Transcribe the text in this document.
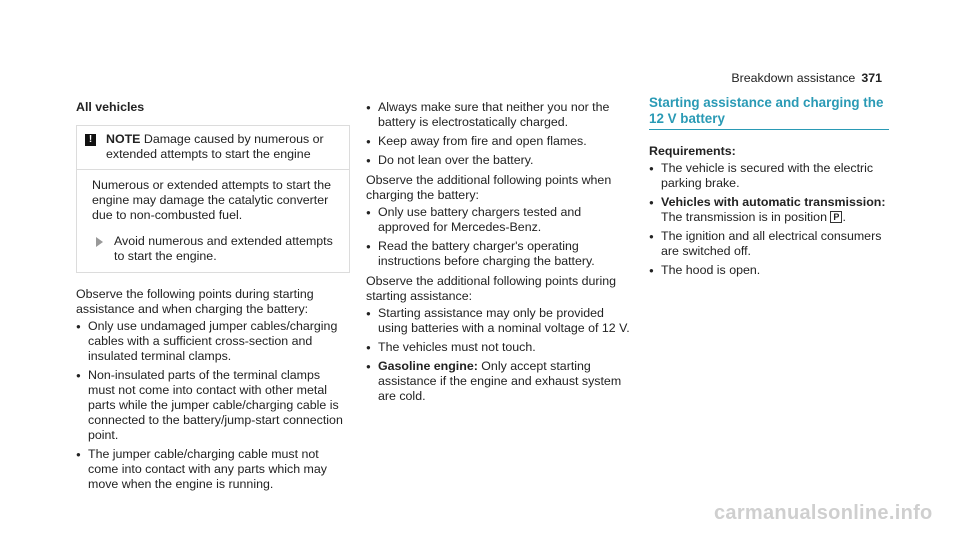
Breakdown assistance 371

All vehicles

!	NOTE Damage caused by numerous or extended attempts to start the engine

Numerous or extended attempts to start the engine may damage the catalytic converter due to non-combusted fuel.

Avoid numerous and extended attempts to start the engine.

Observe the following points during starting assistance and when charging the battery:

● Only use undamaged jumper cables/charging cables with a sufficient cross-section and insulated terminal clamps.
● Non-insulated parts of the terminal clamps must not come into contact with other metal parts while the jumper cable/charging cable is connected to the battery/jump-start connection point.
● The jumper cable/charging cable must not come into contact with any parts which may move when the engine is running.
● Always make sure that neither you nor the battery is electrostatically charged.
● Keep away from fire and open flames.
● Do not lean over the battery.

Observe the additional following points when charging the battery:

● Only use battery chargers tested and approved for Mercedes-Benz.
● Read the battery charger's operating instructions before charging the battery.

Observe the additional following points during starting assistance:

● Starting assistance may only be provided using batteries with a nominal voltage of 12 V.
● The vehicles must not touch.
● Gasoline engine: Only accept starting assistance if the engine and exhaust system are cold.
Starting assistance and charging the 12 V battery

Requirements:

● The vehicle is secured with the electric parking brake.
● Vehicles with automatic transmission:
The transmission is in position P .
● The ignition and all electrical consumers are switched off.
● The hood is open.
carmanualsonline.info
